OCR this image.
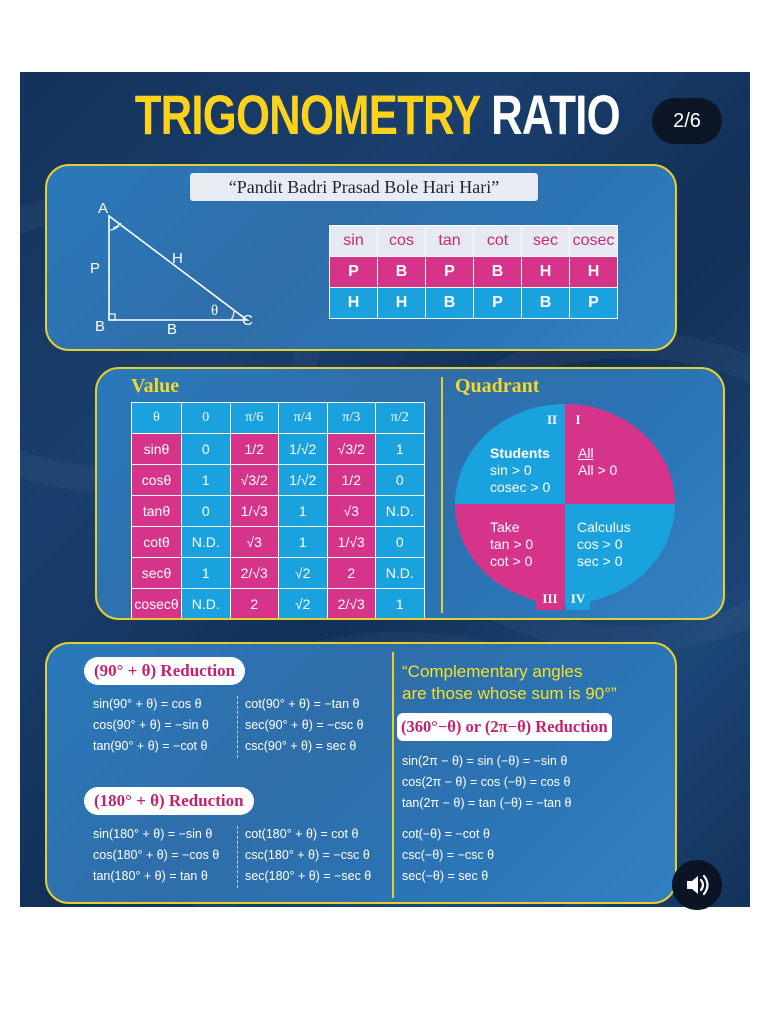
TRIGONOMETRY RATIO	2/6
“Pandit Badri Prasad Bole Hari Hari”
A
P
H
B	B
C
θ
sin	cos	tan	cot	sec	cosec
P	B	P	B	H	H
H	H	B	P	B	P
Value	Quadrant
θ	0	π/6	π/4	π/3	π/2
sinθ	0	1/2	1/√2	√3/2	1
cosθ	1	√3/2	1/√2	1/2	0
tanθ	0	1/√3	1	√3	N.D.
cotθ	N.D.	√3	1	1/√3	0
secθ	1	2/√3	√2	2	N.D.
cosecθ	N.D.	2	√2	2/√3	1
II	I
III	IV
Students
sin > 0
cosec > 0
All
All > 0
Take
tan > 0
cot > 0
Calculus
cos > 0
sec > 0
(90° + θ) Reduction
sin(90° + θ) = cos θ
cos(90° + θ) = −sin θ
tan(90° + θ) = −cot θ
cot(90° + θ) = −tan θ
sec(90° + θ) = −csc θ
csc(90° + θ) = sec θ
(180° + θ) Reduction
sin(180° + θ) = −sin θ
cos(180° + θ) = −cos θ
tan(180° + θ) = tan θ
cot(180° + θ) = cot θ
csc(180° + θ) = −csc θ
sec(180° + θ) = −sec θ
“Complementary angles
are those whose sum is 90°”
(360°−θ) or (2π−θ) Reduction
sin(2π − θ) = sin (−θ) = −sin θ
cos(2π − θ) = cos (−θ) = cos θ
tan(2π − θ) = tan (−θ) = −tan θ
cot(−θ) = −cot θ
csc(−θ) = −csc θ
sec(−θ) = sec θ
